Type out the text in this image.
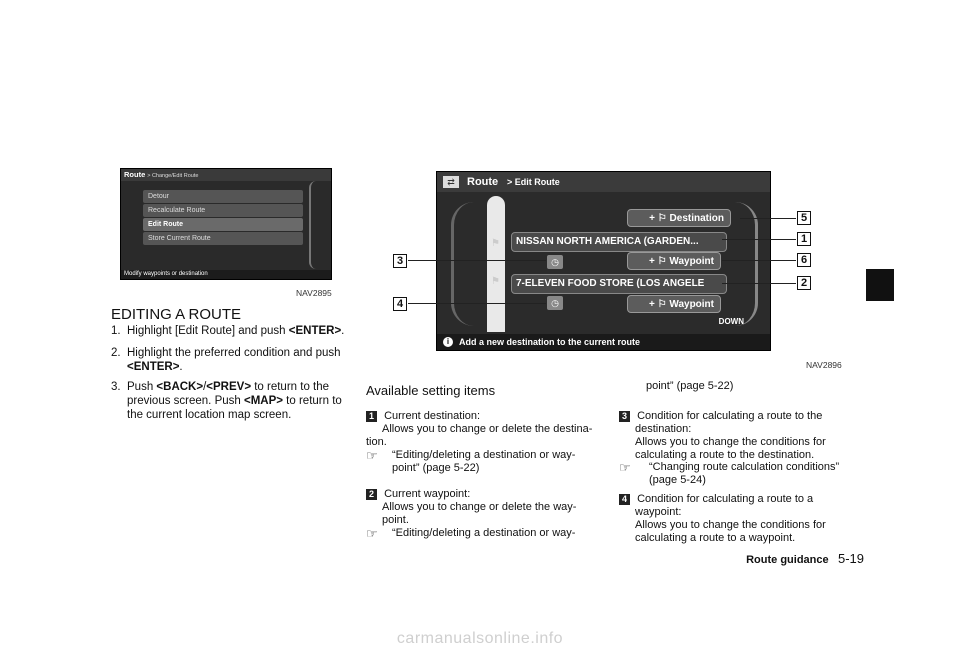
Route > Change/Edit Route
Detour
Recalculate Route
Edit Route
Store Current Route
Modify waypoints or destination
NAV2895
EDITING A ROUTE
1. Highlight [Edit Route] and push <ENTER>.
2. Highlight the preferred condition and push
<ENTER>.
3. Push <BACK>/<PREV> to return to the
previous screen. Push <MAP> to return to
the current location map screen.
⇄	Route > Edit Route
⚑
⚑
+ ⚐ Destination
NISSAN NORTH AMERICA (GARDEN...
◷	+ ⚐ Waypoint
7-ELEVEN FOOD STORE (LOS ANGELE
◷	+ ⚐ Waypoint
DOWN
i	Add a new destination to the current route
5
1
6
2
3
4
NAV2896
Available setting items
1 Current destination:

Allows you to change or delete the destina-
tion.
☞	“Editing/deleting a destination or way-
point” (page 5-22)
2 Current waypoint:

Allows you to change or delete the way-
point.
☞	“Editing/deleting a destination or way-
point” (page 5-22)
3 Condition for calculating a route to the

destination:
Allows you to change the conditions for
calculating a route to the destination.
☞	“Changing route calculation conditions”
(page 5-24)
4 Condition for calculating a route to a

waypoint:
Allows you to change the conditions for
calculating a route to a waypoint.
Route guidance 5-19
carmanualsonline.info
